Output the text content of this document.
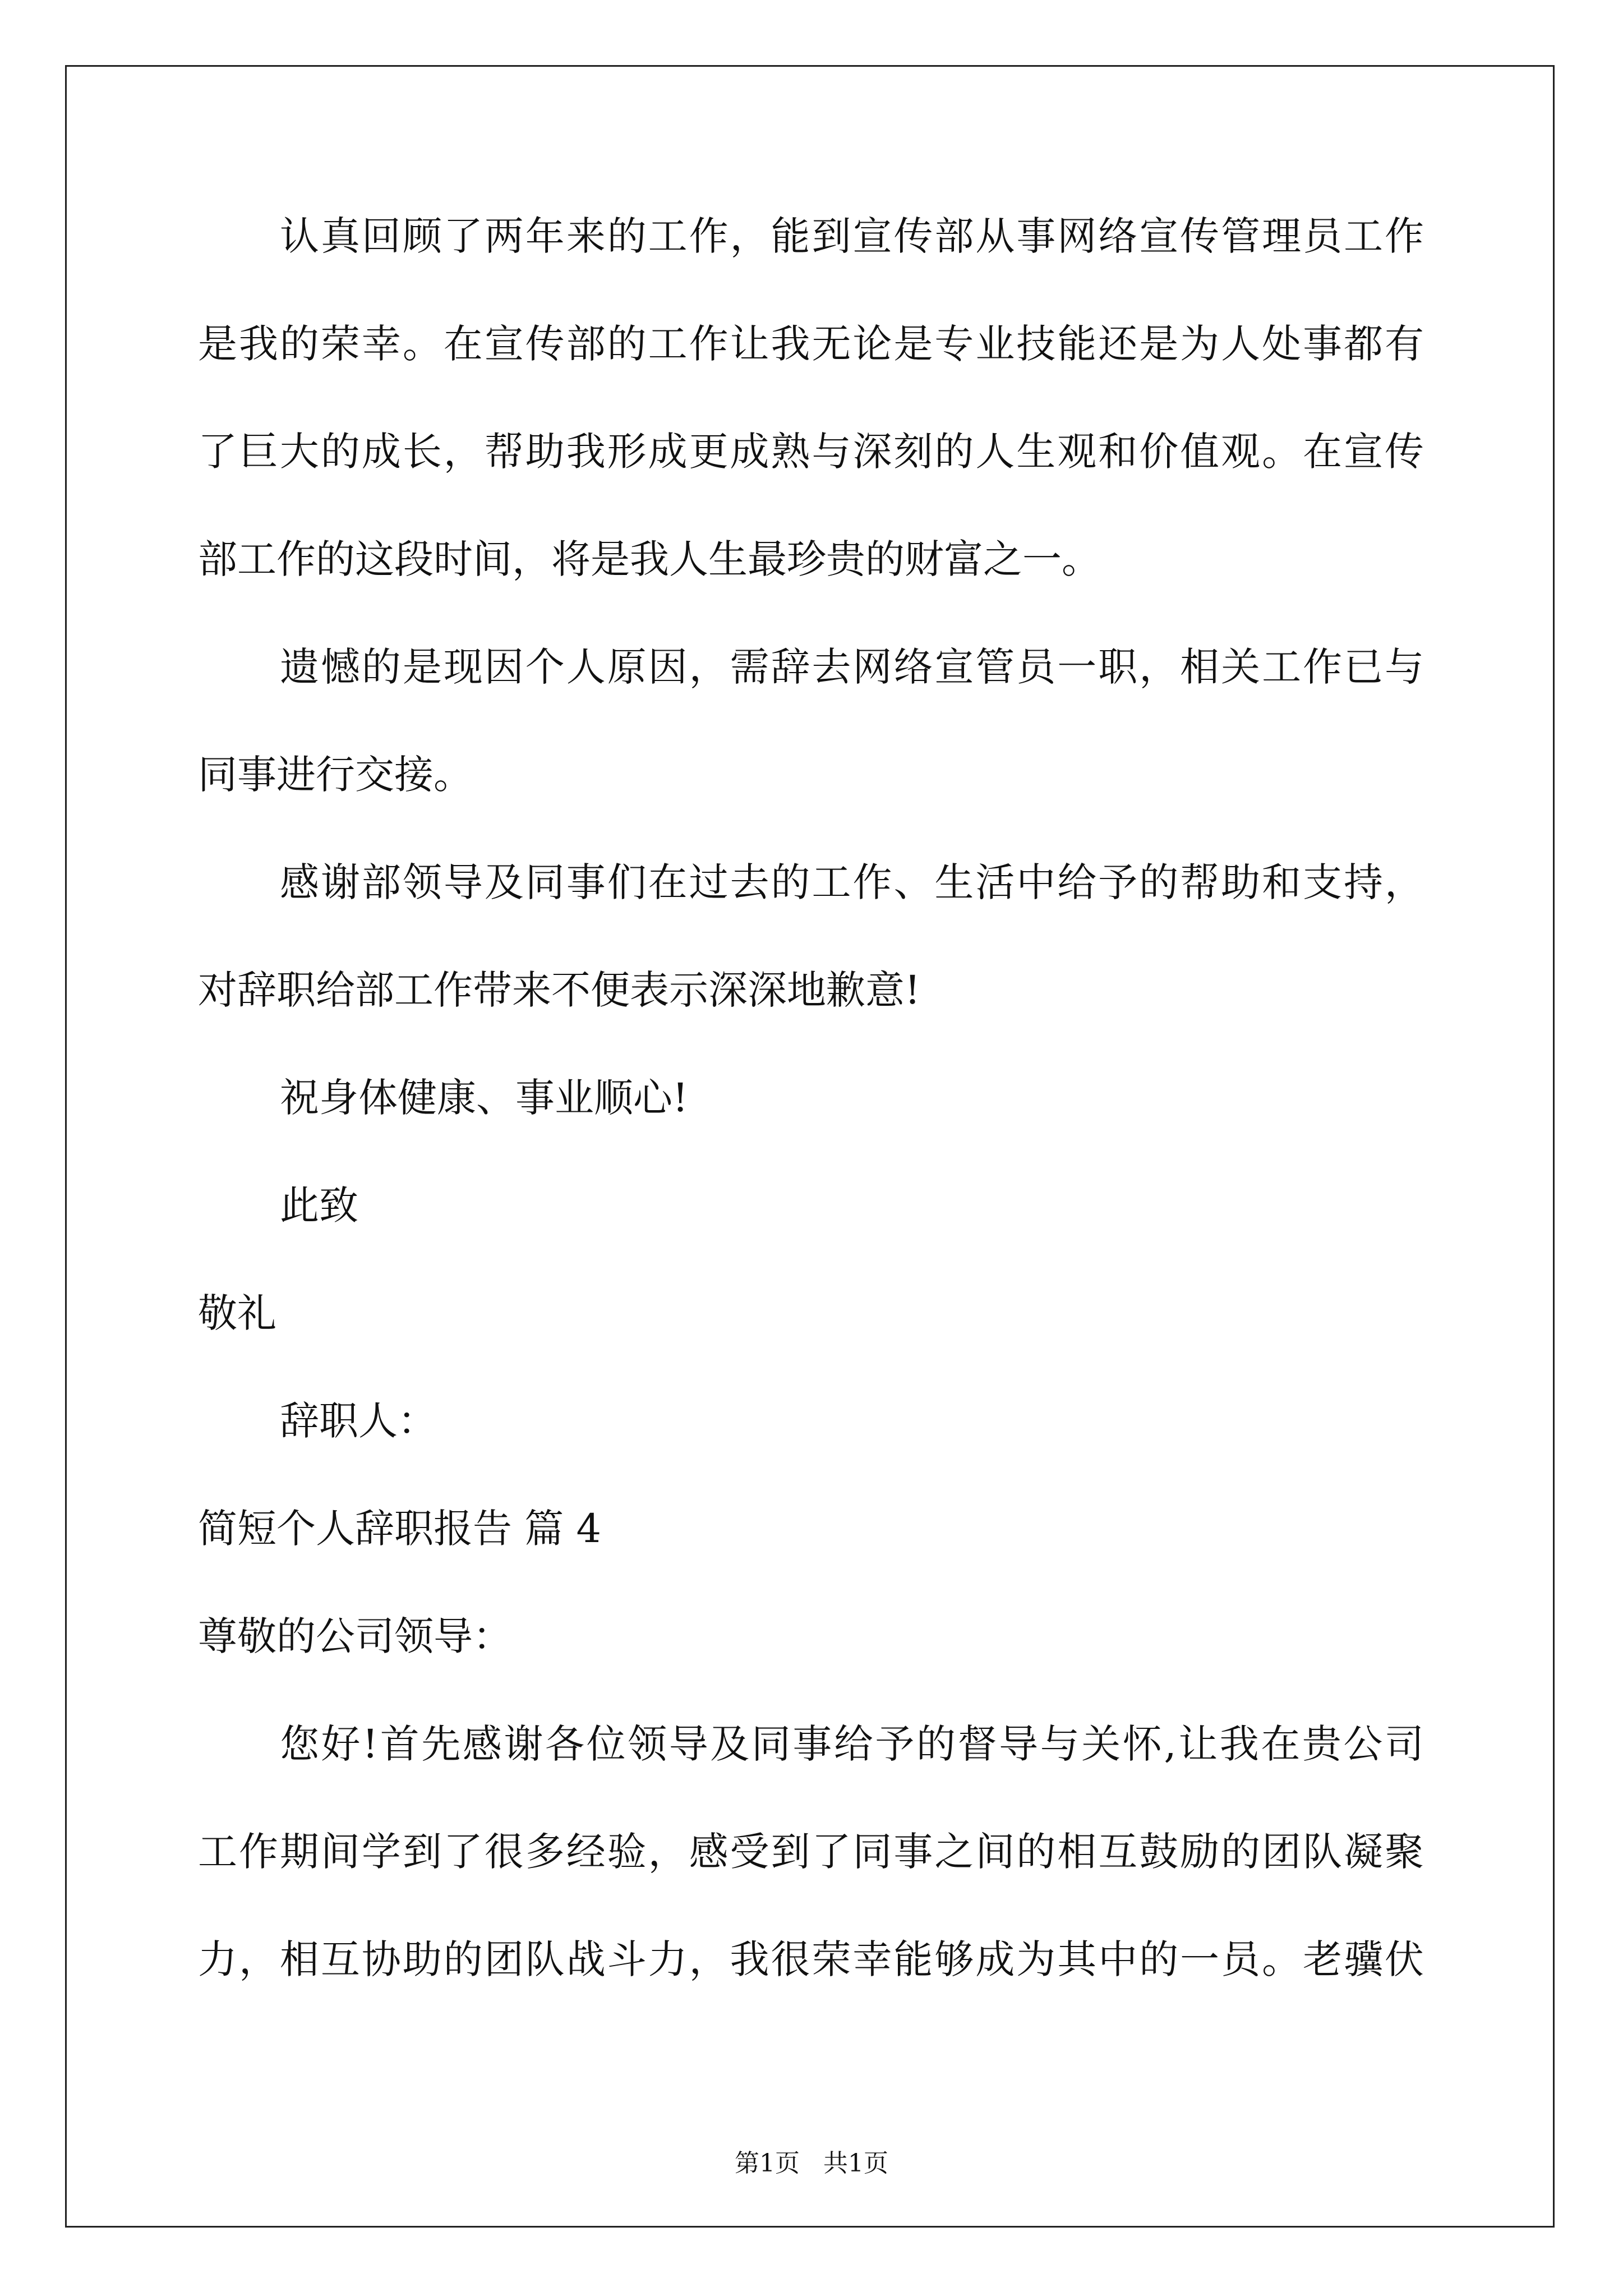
认真回顾了两年来的工作，能到宣传部从事网络宣传管理员工作
是我的荣幸。在宣传部的工作让我无论是专业技能还是为人处事都有
了巨大的成长，帮助我形成更成熟与深刻的人生观和价值观。在宣传
部工作的这段时间，将是我人生最珍贵的财富之一。
遗憾的是现因个人原因，需辞去网络宣管员一职，相关工作已与
同事进行交接。
感谢部领导及同事们在过去的工作、生活中给予的帮助和支持，
对辞职给部工作带来不便表示深深地歉意!
祝身体健康、事业顺心!
此致
敬礼
辞职人：
简短个人辞职报告 篇 4
尊敬的公司领导：
您好!首先感谢各位领导及同事给予的督导与关怀,让我在贵公司
工作期间学到了很多经验，感受到了同事之间的相互鼓励的团队凝聚
力，相互协助的团队战斗力，我很荣幸能够成为其中的一员。老骥伏
第1页   共1页
